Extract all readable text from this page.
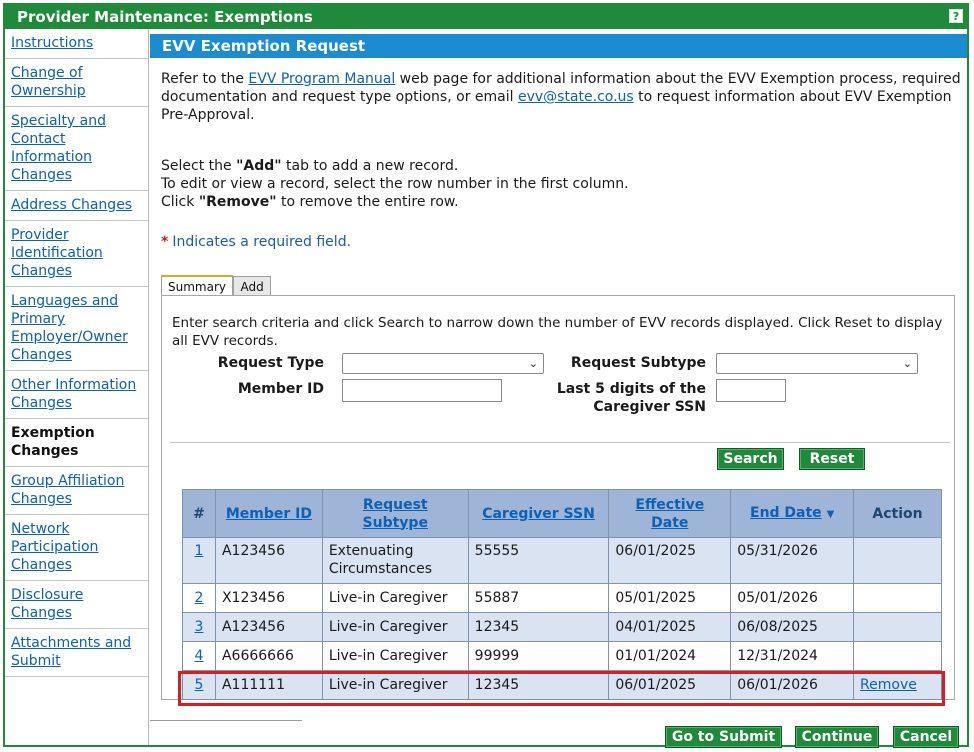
Provider Maintenance: Exemptions	?
Instructions
Change of Ownership
Specialty and Contact Information Changes
Address Changes
Provider Identification Changes
Languages and Primary Employer/Owner Changes
Other Information Changes
Exemption Changes
Group Affiliation Changes
Network Participation Changes
Disclosure Changes
Attachments and Submit
EVV Exemption Request
Refer to the EVV Program Manual web page for additional information about the EVV Exemption process, required documentation and request type options, or email evv@state.co.us to request information about EVV Exemption Pre-Approval.
Select the "Add" tab to add a new record.
To edit or view a record, select the row number in the first column.
Click "Remove" to remove the entire row.
* Indicates a required field.
Summary Add
Enter search criteria and click Search to narrow down the number of EVV records displayed. Click Reset to display all EVV records.
Request Type	⌄	Request Subtype	⌄
Member ID	Last 5 digits of the
Caregiver SSN
Search	Reset
#	Member ID	Request Subtype	Caregiver SSN	Effective Date	End Date ▼	Action
1	A123456	Extenuating Circumstances	55555	06/01/2025	05/31/2026	
2	X123456	Live-in Caregiver	55887	05/01/2025	05/01/2026	
3	A123456	Live-in Caregiver	12345	04/01/2025	06/08/2025	
4	A6666666	Live-in Caregiver	99999	01/01/2024	12/31/2024	
5	A111111	Live-in Caregiver	12345	06/01/2025	06/01/2026	Remove
Go to Submit	Continue	Cancel
